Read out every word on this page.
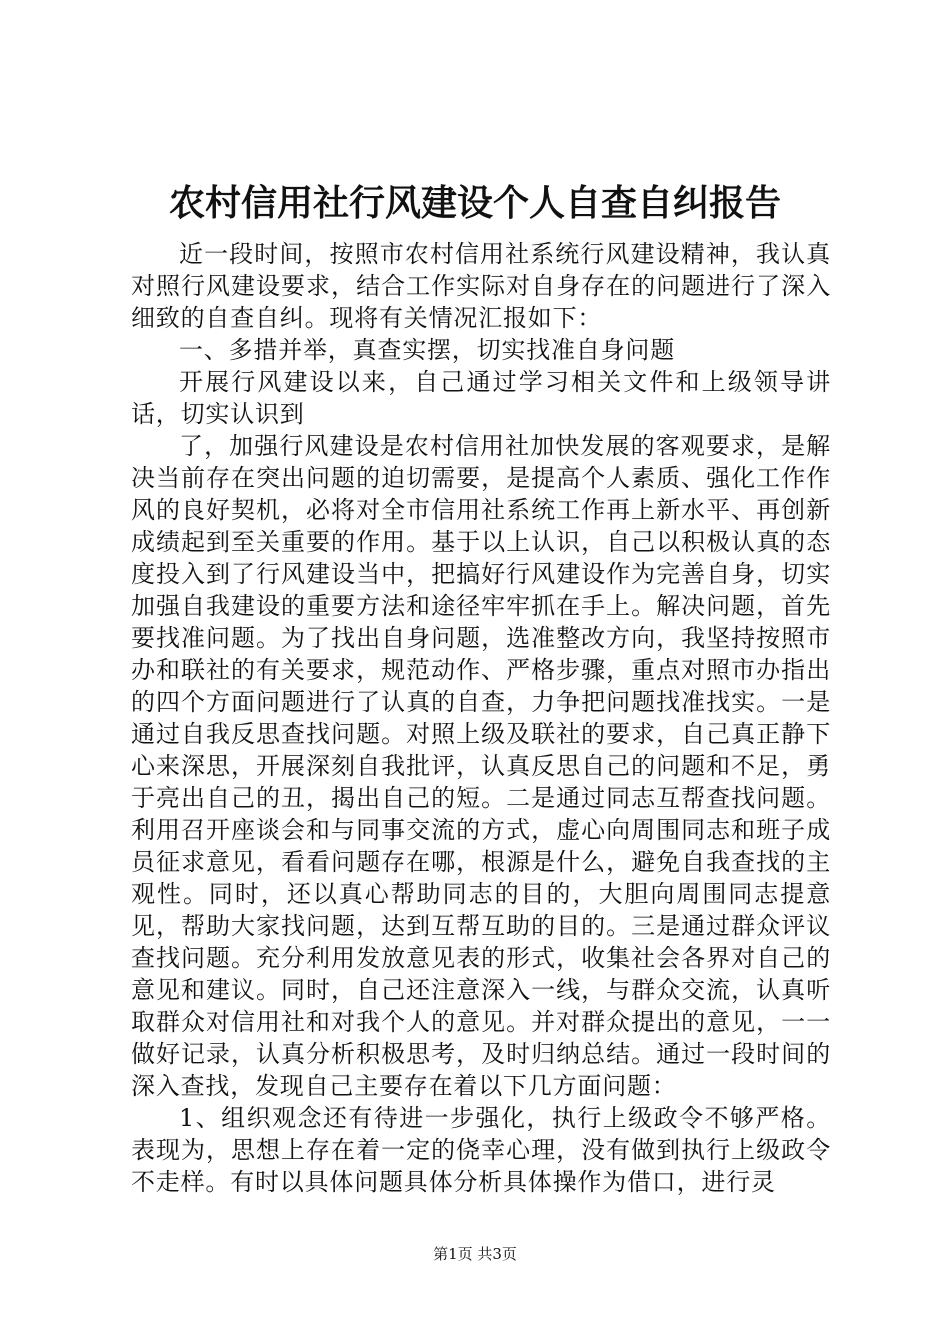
农村信用社行风建设个人自查自纠报告

近一段时间，按照市农村信用社系统行风建设精神，我认真对照行风建设要求，结合工作实际对自身存在的问题进行了深入细致的自查自纠。现将有关情况汇报如下：

一、多措并举，真查实摆，切实找准自身问题

开展行风建设以来，自己通过学习相关文件和上级领导讲话，切实认识到

了，加强行风建设是农村信用社加快发展的客观要求，是解决当前存在突出问题的迫切需要，是提高个人素质、强化工作作风的良好契机，必将对全市信用社系统工作再上新水平、再创新成绩起到至关重要的作用。基于以上认识，自己以积极认真的态度投入到了行风建设当中，把搞好行风建设作为完善自身，切实加强自我建设的重要方法和途径牢牢抓在手上。解决问题，首先要找准问题。为了找出自身问题，选准整改方向，我坚持按照市办和联社的有关要求，规范动作、严格步骤，重点对照市办指出的四个方面问题进行了认真的自查，力争把问题找准找实。一是通过自我反思查找问题。对照上级及联社的要求，自己真正静下心来深思，开展深刻自我批评，认真反思自己的问题和不足，勇于亮出自己的丑，揭出自己的短。二是通过同志互帮查找问题。利用召开座谈会和与同事交流的方式，虚心向周围同志和班子成员征求意见，看看问题存在哪，根源是什么，避免自我查找的主观性。同时，还以真心帮助同志的目的，大胆向周围同志提意见，帮助大家找问题，达到互帮互助的目的。三是通过群众评议查找问题。充分利用发放意见表的形式，收集社会各界对自己的意见和建议。同时，自己还注意深入一线，与群众交流，认真听取群众对信用社和对我个人的意见。并对群众提出的意见，一一做好记录，认真分析积极思考，及时归纳总结。通过一段时间的深入查找，发现自己主要存在着以下几方面问题：

1、组织观念还有待进一步强化，执行上级政令不够严格。表现为，思想上存在着一定的侥幸心理，没有做到执行上级政令不走样。有时以具体问题具体分析具体操作为借口，进行灵

第1页 共3页
